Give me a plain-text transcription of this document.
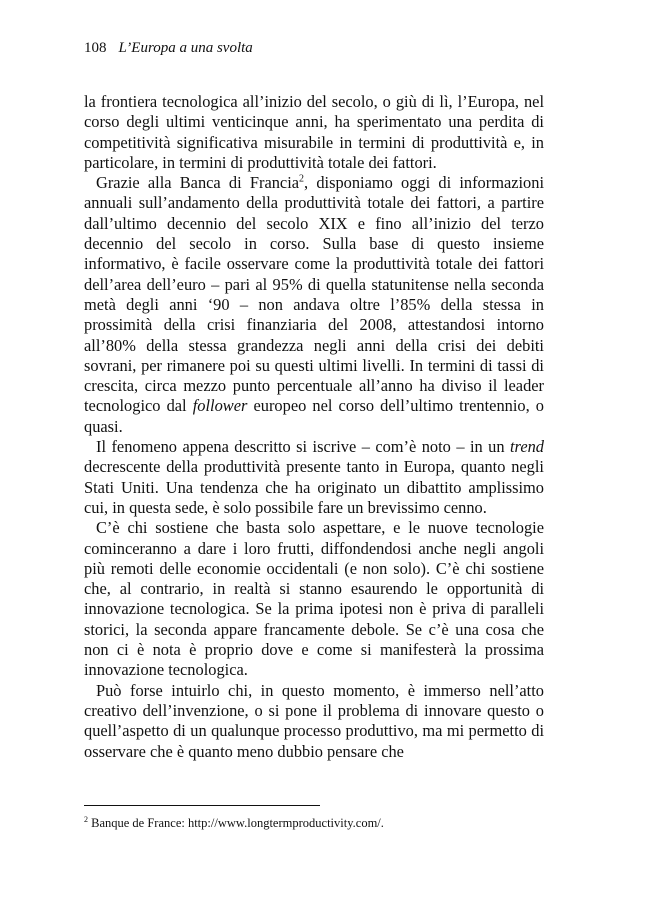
108 L’Europa a una svolta

la frontiera tecnologica all’inizio del secolo, o giù di lì, l’Europa, nel corso degli ultimi venticinque anni, ha sperimentato una perdita di competitività significativa misurabile in termini di produttività e, in particolare, in termini di produttività totale dei fattori.

Grazie alla Banca di Francia$^2$, disponiamo oggi di informazioni annuali sull’andamento della produttività totale dei fattori, a partire dall’ultimo decennio del secolo XIX e fino all’inizio del terzo decennio del secolo in corso. Sulla base di questo insieme informativo, è facile osservare come la produttività totale dei fattori dell’area dell’euro – pari al 95% di quella statunitense nella seconda metà degli anni ‘90 – non andava oltre l’85% della stessa in prossimità della crisi finanziaria del 2008, attestandosi intorno all’80% della stessa grandezza negli anni della crisi dei debiti sovrani, per rimanere poi su questi ultimi livelli. In termini di tassi di crescita, circa mezzo punto percentuale all’anno ha diviso il leader tecnologico dal follower europeo nel corso dell’ultimo trentennio, o quasi.

Il fenomeno appena descritto si iscrive – com’è noto – in un trend decrescente della produttività presente tanto in Europa, quanto negli Stati Uniti. Una tendenza che ha originato un dibattito amplissimo cui, in questa sede, è solo possibile fare un brevissimo cenno.

C’è chi sostiene che basta solo aspettare, e le nuove tecnologie cominceranno a dare i loro frutti, diffondendosi anche negli angoli più remoti delle economie occidentali (e non solo). C’è chi sostiene che, al contrario, in realtà si stanno esaurendo le opportunità di innovazione tecnologica. Se la prima ipotesi non è priva di paralleli storici, la seconda appare francamente debole. Se c’è una cosa che non ci è nota è proprio dove e come si manifesterà la prossima innovazione tecnologica.

Può forse intuirlo chi, in questo momento, è immerso nell’atto creativo dell’invenzione, o si pone il problema di innovare questo o quell’aspetto di un qualunque processo produttivo, ma mi permetto di osservare che è quanto meno dubbio pensare che

$^2$ Banque de France: http://www.longtermproductivity.com/.
